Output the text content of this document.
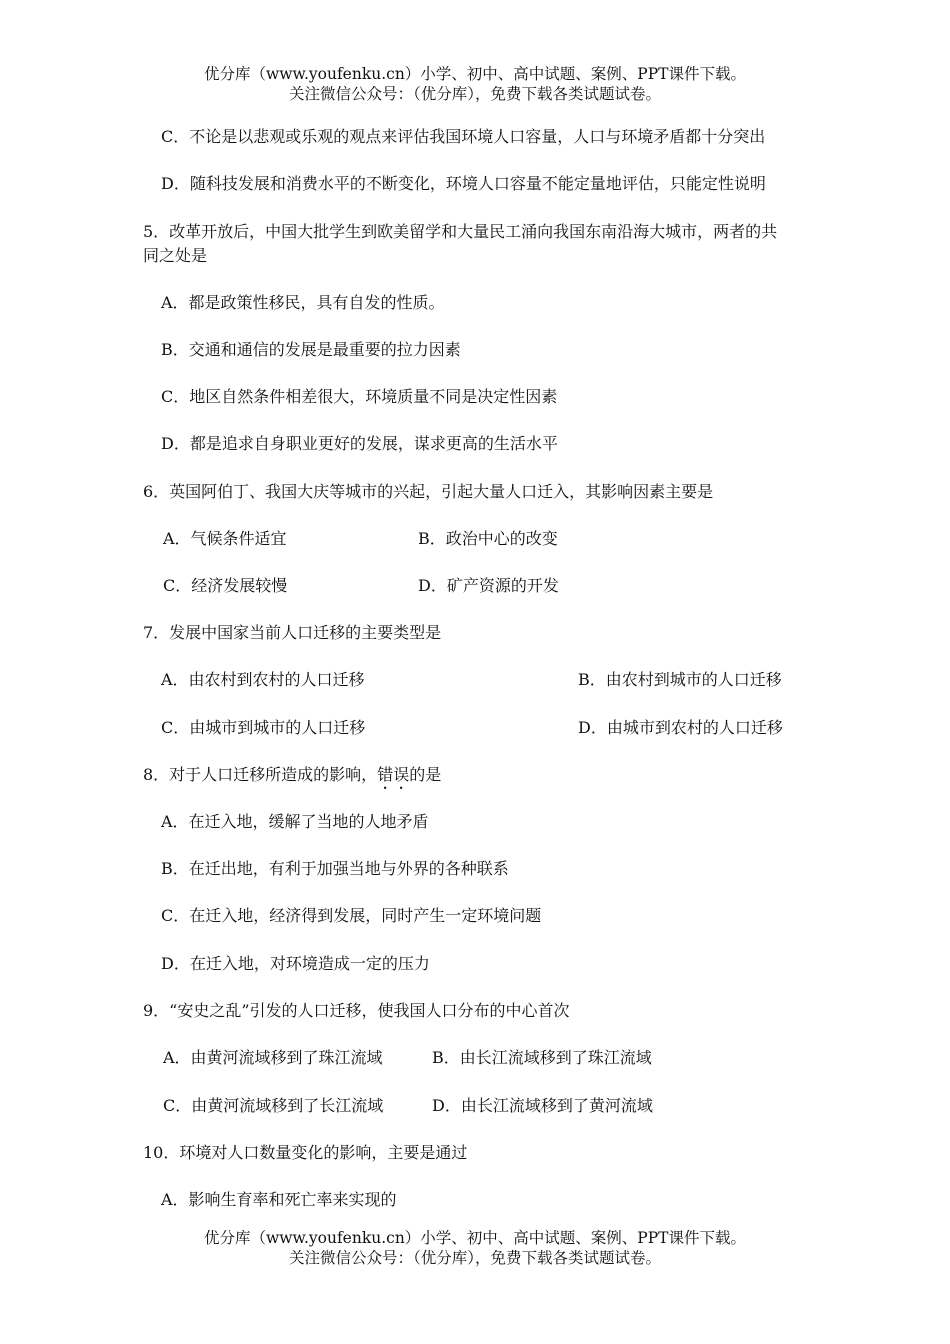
优分库（www.youfenku.cn）小学、初中、高中试题、案例、PPT课件下载。
关注微信公众号：（优分库），免费下载各类试题试卷。
C．不论是以悲观或乐观的观点来评估我国环境人口容量，人口与环境矛盾都十分突出
D．随科技发展和消费水平的不断变化，环境人口容量不能定量地评估，只能定性说明
5．改革开放后，中国大批学生到欧美留学和大量民工涌向我国东南沿海大城市，两者的共
同之处是
A．都是政策性移民，具有自发的性质。
B．交通和通信的发展是最重要的拉力因素
C．地区自然条件相差很大，环境质量不同是决定性因素
D．都是追求自身职业更好的发展，谋求更高的生活水平
6．英国阿伯丁、我国大庆等城市的兴起，引起大量人口迁入，其影响因素主要是
A．气候条件适宜	B．政治中心的改变
C．经济发展较慢	D．矿产资源的开发
7．发展中国家当前人口迁移的主要类型是
A．由农村到农村的人口迁移	B．由农村到城市的人口迁移
C．由城市到城市的人口迁移	D．由城市到农村的人口迁移
8．对于人口迁移所造成的影响，错误的是
A．在迁入地，缓解了当地的人地矛盾
B．在迁出地，有利于加强当地与外界的各种联系
C．在迁入地，经济得到发展，同时产生一定环境问题
D．在迁入地，对环境造成一定的压力
9．“安史之乱”引发的人口迁移，使我国人口分布的中心首次
A．由黄河流域移到了珠江流域	B．由长江流域移到了珠江流域
C．由黄河流域移到了长江流域	D．由长江流域移到了黄河流域
10．环境对人口数量变化的影响，主要是通过
A．影响生育率和死亡率来实现的
优分库（www.youfenku.cn）小学、初中、高中试题、案例、PPT课件下载。
关注微信公众号：（优分库），免费下载各类试题试卷。
